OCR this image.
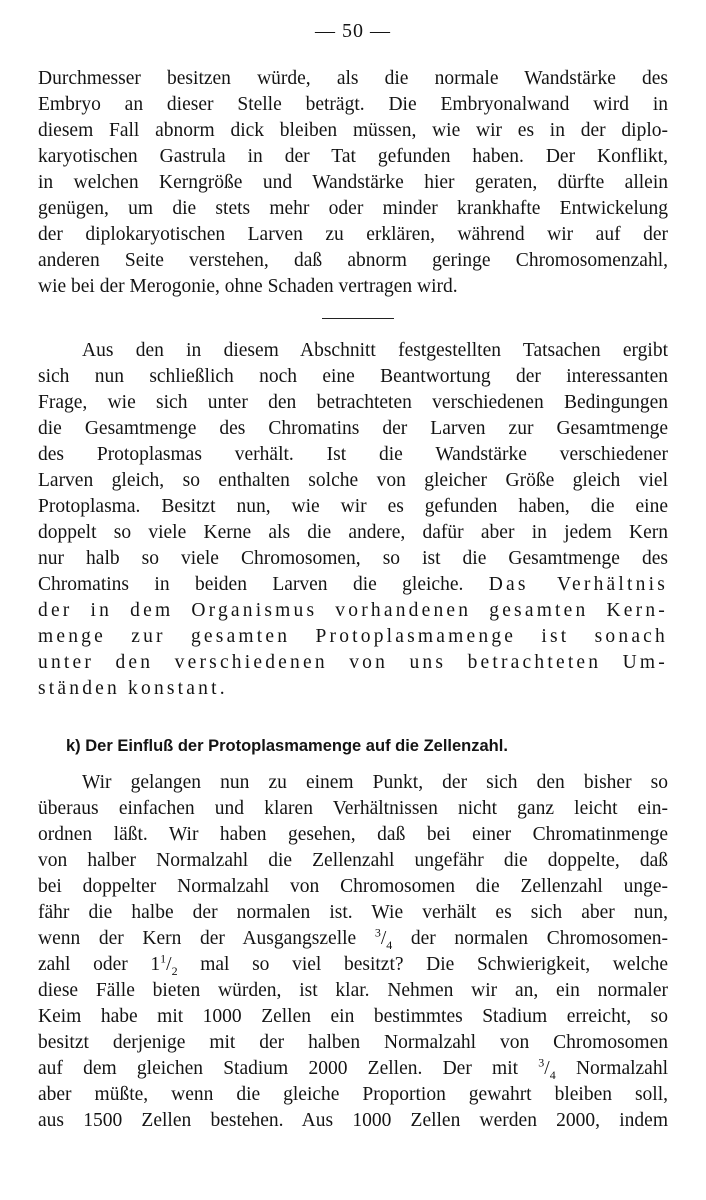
— 50 —
Durchmesser besitzen würde, als die normale Wandstärke des
Embryo an dieser Stelle beträgt. Die Embryonalwand wird in
diesem Fall abnorm dick bleiben müssen, wie wir es in der diplo-
karyotischen Gastrula in der Tat gefunden haben. Der Konflikt,
in welchen Kerngröße und Wandstärke hier geraten, dürfte allein
genügen, um die stets mehr oder minder krankhafte Entwickelung
der diplokaryotischen Larven zu erklären, während wir auf der
anderen Seite verstehen, daß abnorm geringe Chromosomenzahl,
wie bei der Merogonie, ohne Schaden vertragen wird.
Aus den in diesem Abschnitt festgestellten Tatsachen ergibt
sich nun schließlich noch eine Beantwortung der interessanten
Frage, wie sich unter den betrachteten verschiedenen Bedingungen
die Gesamtmenge des Chromatins der Larven zur Gesamtmenge
des Protoplasmas verhält. Ist die Wandstärke verschiedener
Larven gleich, so enthalten solche von gleicher Größe gleich viel
Protoplasma. Besitzt nun, wie wir es gefunden haben, die eine
doppelt so viele Kerne als die andere, dafür aber in jedem Kern
nur halb so viele Chromosomen, so ist die Gesamtmenge des
Chromatins in beiden Larven die gleiche. Das Verhältnis
der in dem Organismus vorhandenen gesamten Kern-
menge zur gesamten Protoplasmamenge ist sonach
unter den verschiedenen von uns betrachteten Um-
ständen konstant.
k) Der Einfluß der Protoplasmamenge auf die Zellenzahl.
Wir gelangen nun zu einem Punkt, der sich den bisher so
überaus einfachen und klaren Verhältnissen nicht ganz leicht ein-
ordnen läßt. Wir haben gesehen, daß bei einer Chromatinmenge
von halber Normalzahl die Zellenzahl ungefähr die doppelte, daß
bei doppelter Normalzahl von Chromosomen die Zellenzahl unge-
fähr die halbe der normalen ist. Wie verhält es sich aber nun,
wenn der Kern der Ausgangszelle $^3/_4$ der normalen Chromosomen-
zahl oder $1^1/_2$ mal so viel besitzt? Die Schwierigkeit, welche
diese Fälle bieten würden, ist klar. Nehmen wir an, ein normaler
Keim habe mit 1000 Zellen ein bestimmtes Stadium erreicht, so
besitzt derjenige mit der halben Normalzahl von Chromosomen
auf dem gleichen Stadium 2000 Zellen. Der mit $^3/_4$ Normalzahl
aber müßte, wenn die gleiche Proportion gewahrt bleiben soll,
aus 1500 Zellen bestehen. Aus 1000 Zellen werden 2000, indem
